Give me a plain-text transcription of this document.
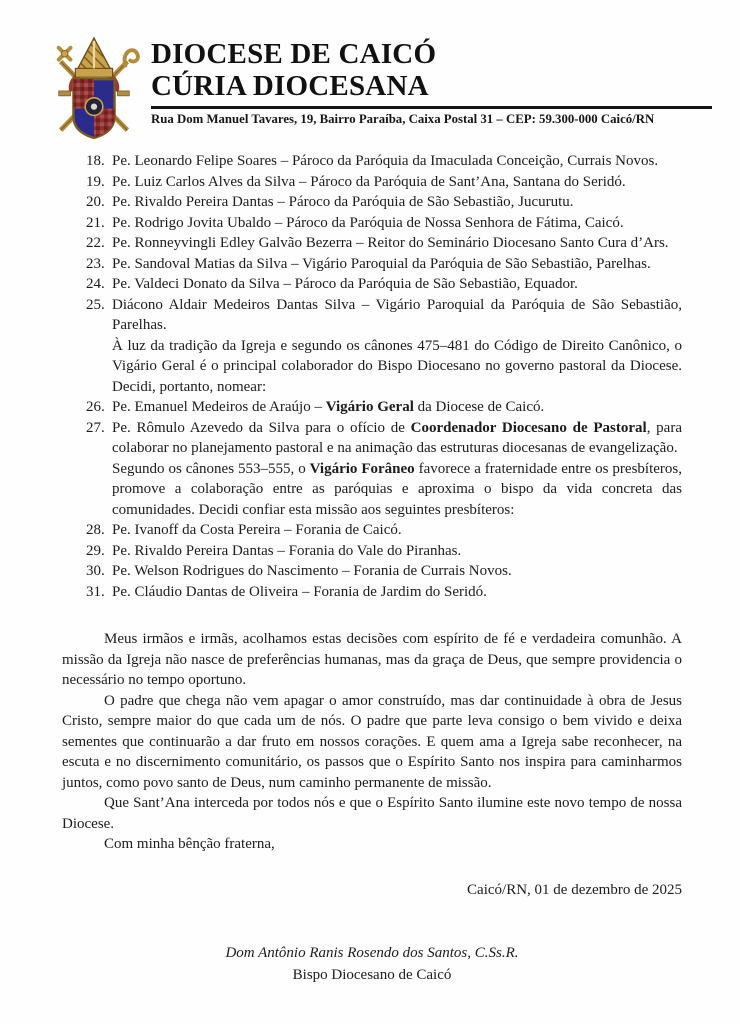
DIOCESE DE CAICÓ
CÚRIA DIOCESANA
Rua Dom Manuel Tavares, 19, Bairro Paraíba, Caixa Postal 31 – CEP: 59.300-000 Caicó/RN
18. Pe. Leonardo Felipe Soares – Pároco da Paróquia da Imaculada Conceição, Currais Novos.
19. Pe. Luiz Carlos Alves da Silva – Pároco da Paróquia de Sant’Ana, Santana do Seridó.
20. Pe. Rivaldo Pereira Dantas – Pároco da Paróquia de São Sebastião, Jucurutu.
21. Pe. Rodrigo Jovita Ubaldo – Pároco da Paróquia de Nossa Senhora de Fátima, Caicó.
22. Pe. Ronneyvingli Edley Galvão Bezerra – Reitor do Seminário Diocesano Santo Cura d’Ars.
23. Pe. Sandoval Matias da Silva – Vigário Paroquial da Paróquia de São Sebastião, Parelhas.
24. Pe. Valdeci Donato da Silva – Pároco da Paróquia de São Sebastião, Equador.
25. Diácono Aldair Medeiros Dantas Silva – Vigário Paroquial da Paróquia de São Sebastião, Parelhas.
À luz da tradição da Igreja e segundo os cânones 475–481 do Código de Direito Canônico, o Vigário Geral é o principal colaborador do Bispo Diocesano no governo pastoral da Diocese. Decidi, portanto, nomear:
26. Pe. Emanuel Medeiros de Araújo – Vigário Geral da Diocese de Caicó.
27. Pe. Rômulo Azevedo da Silva para o ofício de Coordenador Diocesano de Pastoral, para colaborar no planejamento pastoral e na animação das estruturas diocesanas de evangelização.
Segundo os cânones 553–555, o Vigário Forâneo favorece a fraternidade entre os presbíteros, promove a colaboração entre as paróquias e aproxima o bispo da vida concreta das comunidades. Decidi confiar esta missão aos seguintes presbíteros:
28. Pe. Ivanoff da Costa Pereira – Forania de Caicó.
29. Pe. Rivaldo Pereira Dantas – Forania do Vale do Piranhas.
30. Pe. Welson Rodrigues do Nascimento – Forania de Currais Novos.
31. Pe. Cláudio Dantas de Oliveira – Forania de Jardim do Seridó.

Meus irmãos e irmãs, acolhamos estas decisões com espírito de fé e verdadeira comunhão. A missão da Igreja não nasce de preferências humanas, mas da graça de Deus, que sempre providencia o necessário no tempo oportuno.

O padre que chega não vem apagar o amor construído, mas dar continuidade à obra de Jesus Cristo, sempre maior do que cada um de nós. O padre que parte leva consigo o bem vivido e deixa sementes que continuarão a dar fruto em nossos corações. E quem ama a Igreja sabe reconhecer, na escuta e no discernimento comunitário, os passos que o Espírito Santo nos inspira para caminharmos juntos, como povo santo de Deus, num caminho permanente de missão.

Que Sant’Ana interceda por todos nós e que o Espírito Santo ilumine este novo tempo de nossa Diocese.

Com minha bênção fraterna,

Caicó/RN, 01 de dezembro de 2025
Dom Antônio Ranis Rosendo dos Santos, C.Ss.R.
Bispo Diocesano de Caicó
